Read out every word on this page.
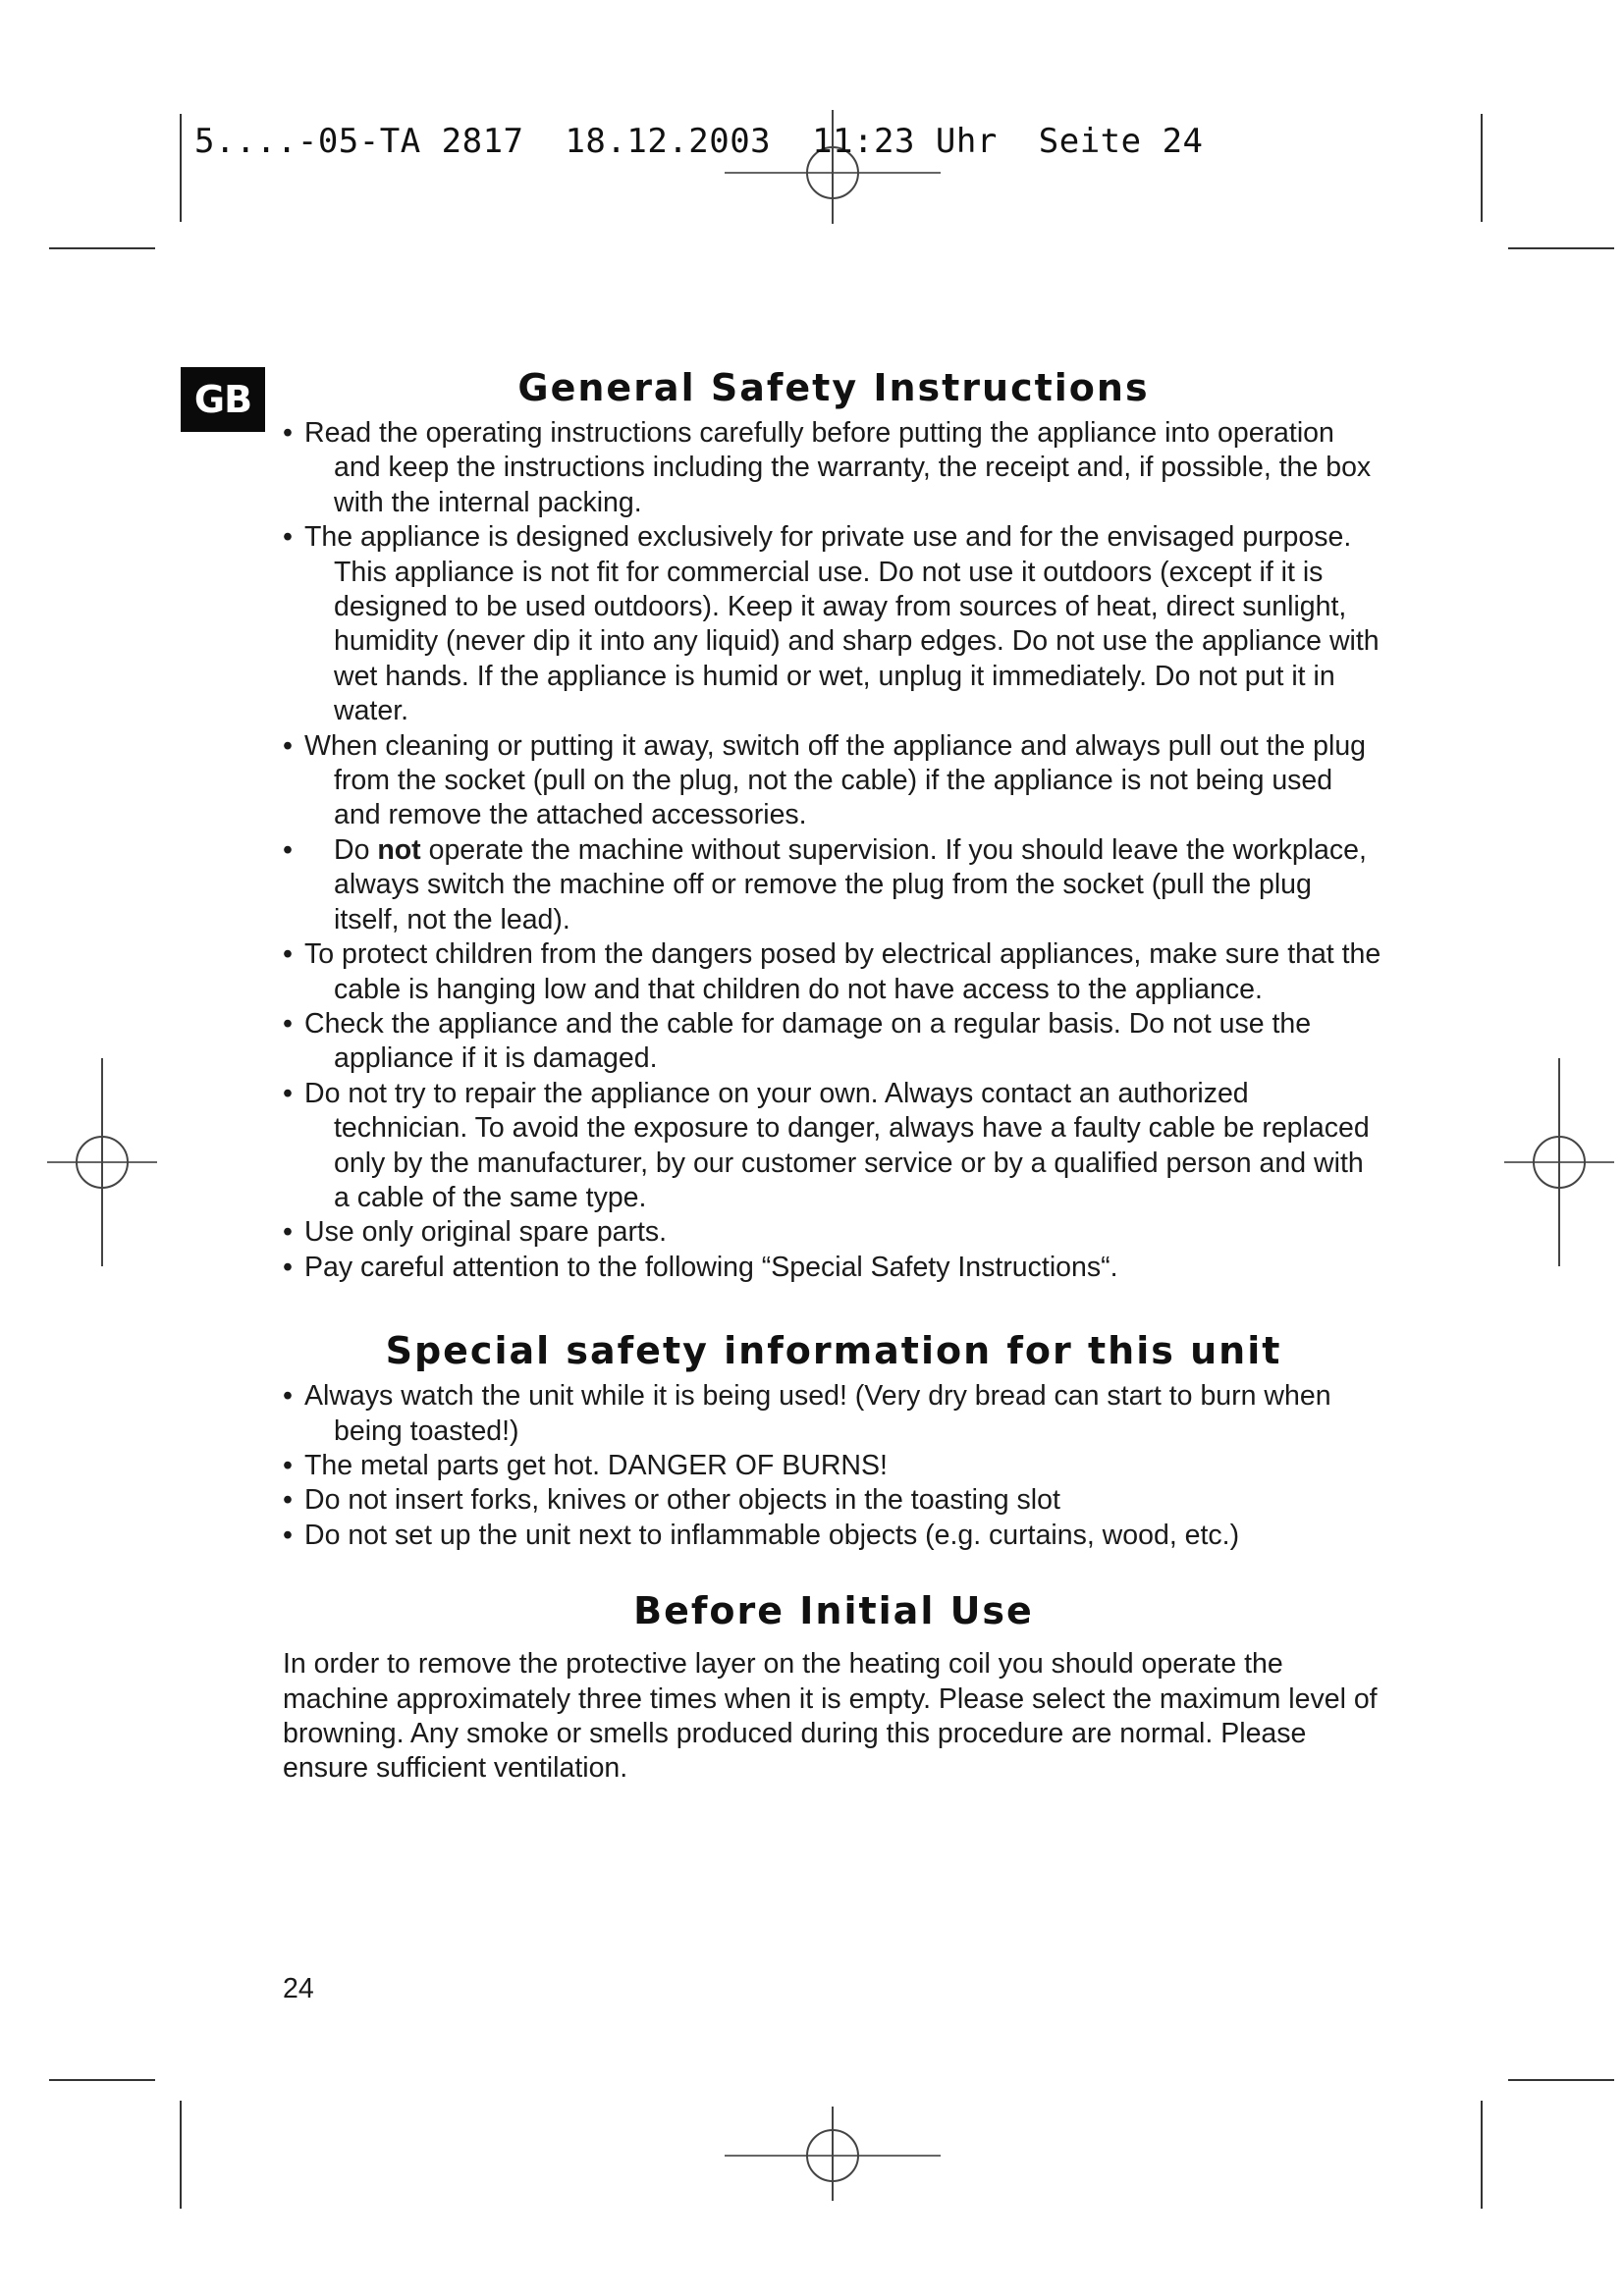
5....-05-TA 2817  18.12.2003  11:23 Uhr  Seite 24
GB	General Safety Instructions
• Read the operating instructions carefully before putting the appliance into operation and keep the instructions including the warranty, the receipt and, if possible, the box with the internal packing.
• The appliance is designed exclusively for private use and for the envisaged purpose. This appliance is not fit for commercial use. Do not use it outdoors (except if it is designed to be used outdoors). Keep it away from sources of heat, direct sunlight, humidity (never dip it into any liquid) and sharp edges. Do not use the appliance with wet hands. If the appliance is humid or wet, unplug it immediately. Do not put it in water.
• When cleaning or putting it away, switch off the appliance and always pull out the plug from the socket (pull on the plug, not the cable) if the appliance is not being used and remove the attached accessories.
• Do not operate the machine without supervision. If you should leave the workplace, always switch the machine off or remove the plug from the socket (pull the plug itself, not the lead).
• To protect children from the dangers posed by electrical appliances, make sure that the cable is hanging low and that children do not have access to the appliance.
• Check the appliance and the cable for damage on a regular basis. Do not use the appliance if it is damaged.
• Do not try to repair the appliance on your own. Always contact an authorized technician. To avoid the exposure to danger, always have a faulty cable be replaced only by the manufacturer, by our customer service or by a qualified person and with a cable of the same type.
• Use only original spare parts.
• Pay careful attention to the following “Special Safety Instructions“.
Special safety information for this unit
• Always watch the unit while it is being used! (Very dry bread can start to burn when being toasted!)
• The metal parts get hot. DANGER OF BURNS!
• Do not insert forks, knives or other objects in the toasting slot
• Do not set up the unit next to inflammable objects (e.g. curtains, wood, etc.)
Before Initial Use

In order to remove the protective layer on the heating coil you should operate the machine approximately three times when it is empty. Please select the maximum level of browning. Any smoke or smells produced during this procedure are normal. Please ensure sufficient ventilation.

24
